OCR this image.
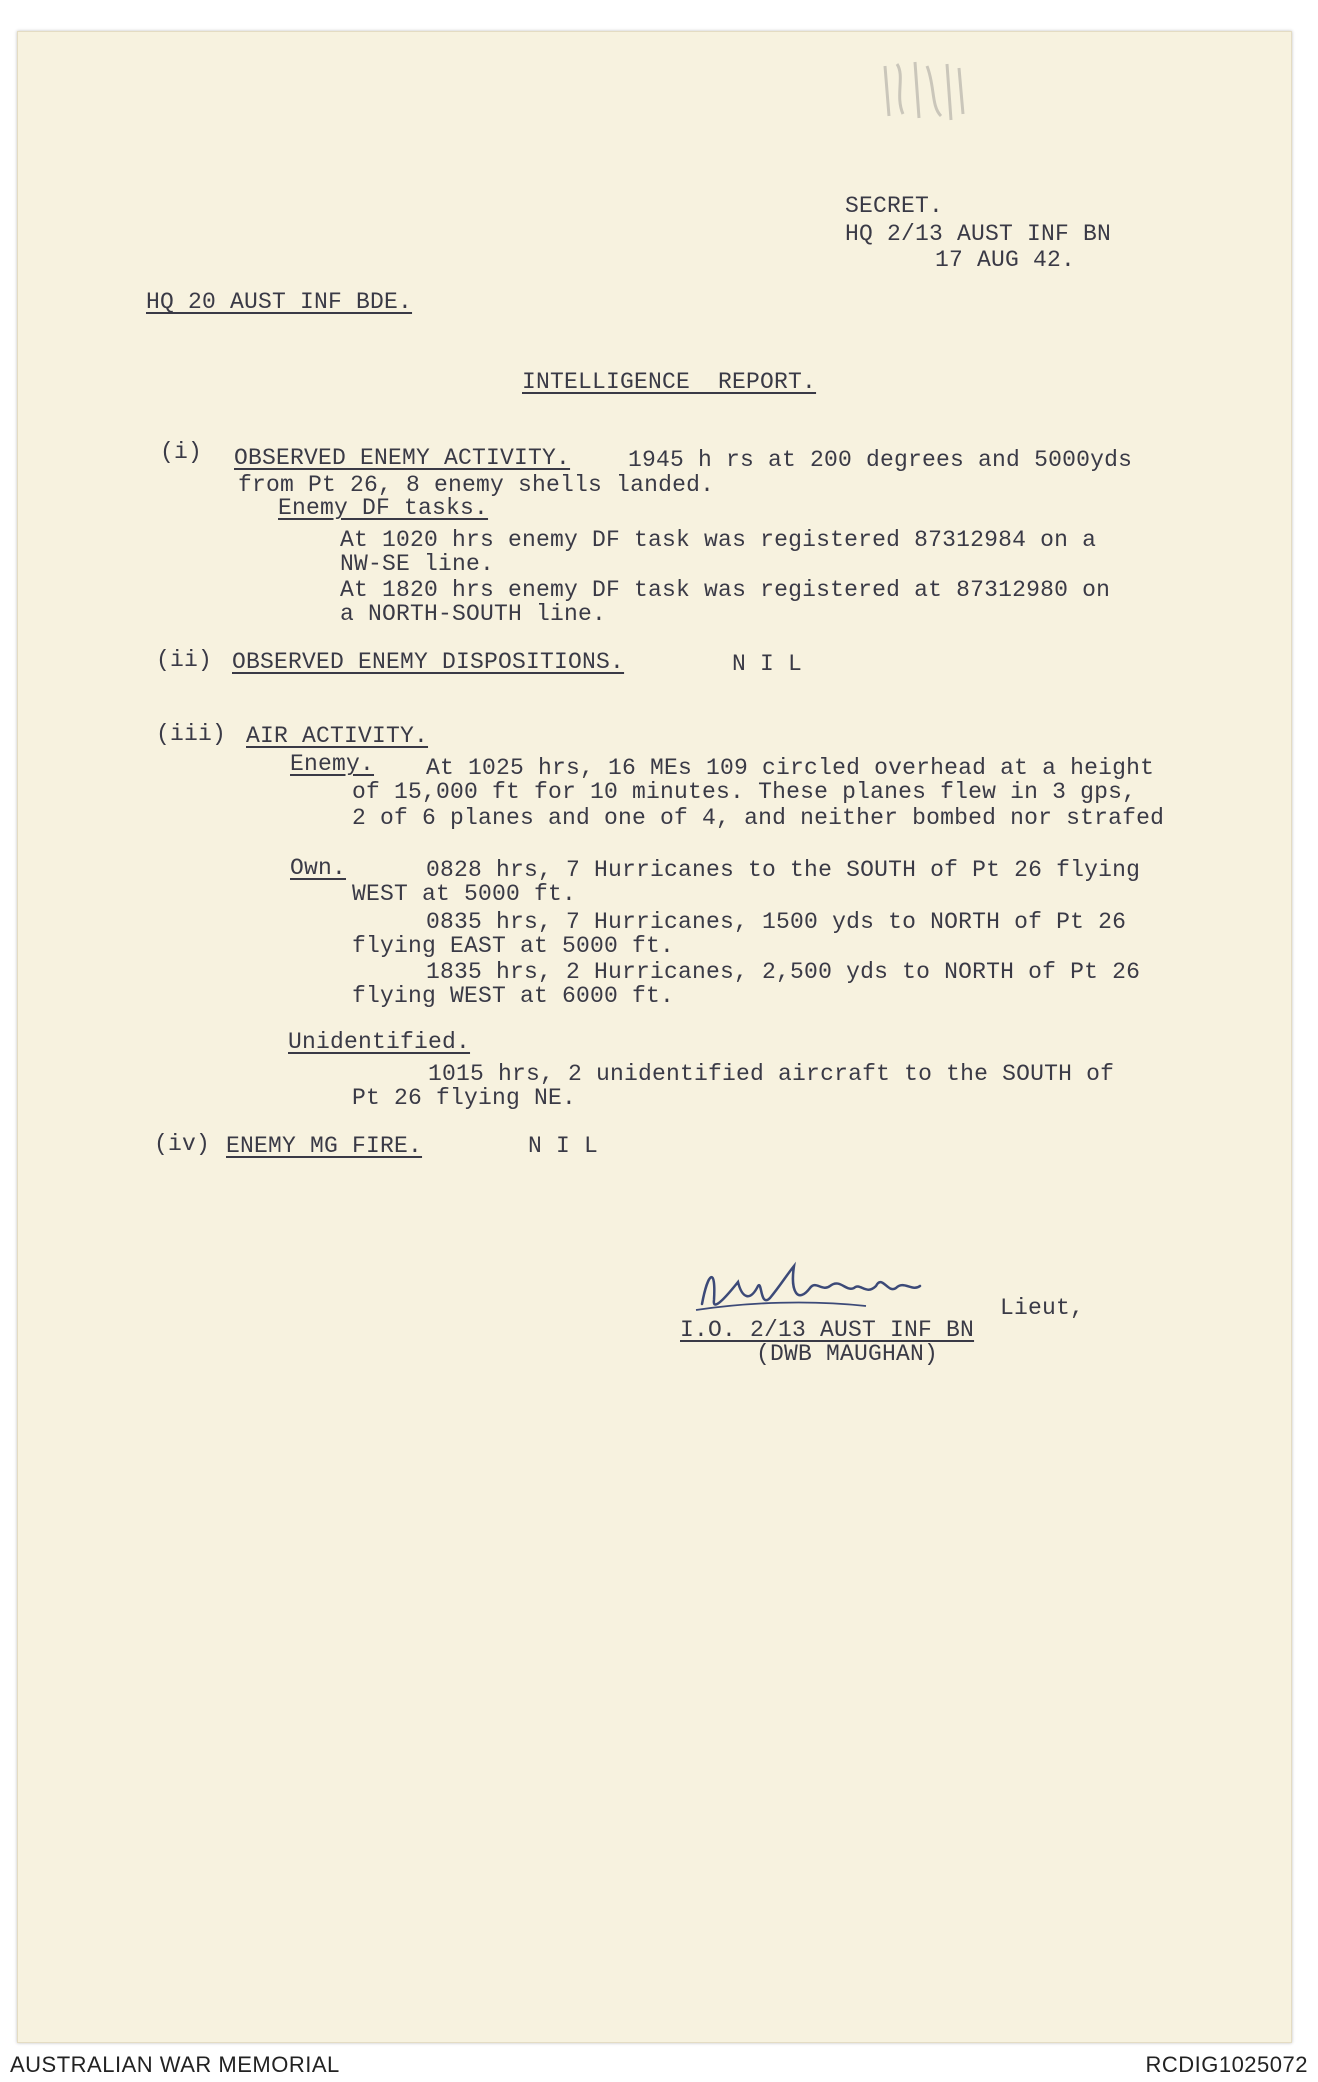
SECRET.
HQ 2/13 AUST INF BN
17 AUG 42.
HQ 20 AUST INF BDE.
INTELLIGENCE  REPORT.
(i) OBSERVED ENEMY ACTIVITY.	1945 h rs at 200 degrees and 5000yds
from Pt 26, 8 enemy shells landed.
Enemy DF tasks.
At 1020 hrs enemy DF task was registered 87312984 on a
NW-SE line.
At 1820 hrs enemy DF task was registered at 87312980 on
a NORTH-SOUTH line.
(ii) OBSERVED ENEMY DISPOSITIONS.	N I L
(iii) AIR ACTIVITY.
Enemy. At 1025 hrs, 16 MEs 109 circled overhead at a height
of 15,000 ft for 10 minutes. These planes flew in 3 gps,
2 of 6 planes and one of 4, and neither bombed nor strafed
Own.	0828 hrs, 7 Hurricanes to the SOUTH of Pt 26 flying
WEST at 5000 ft.
0835 hrs, 7 Hurricanes, 1500 yds to NORTH of Pt 26
flying EAST at 5000 ft.
1835 hrs, 2 Hurricanes, 2,500 yds to NORTH of Pt 26
flying WEST at 6000 ft.
Unidentified.
1015 hrs, 2 unidentified aircraft to the SOUTH of
Pt 26 flying NE.
(iv) ENEMY MG FIRE.	N I L
Lieut,
I.O. 2/13 AUST INF BN
(DWB MAUGHAN)
AUSTRALIAN WAR MEMORIAL	RCDIG1025072
